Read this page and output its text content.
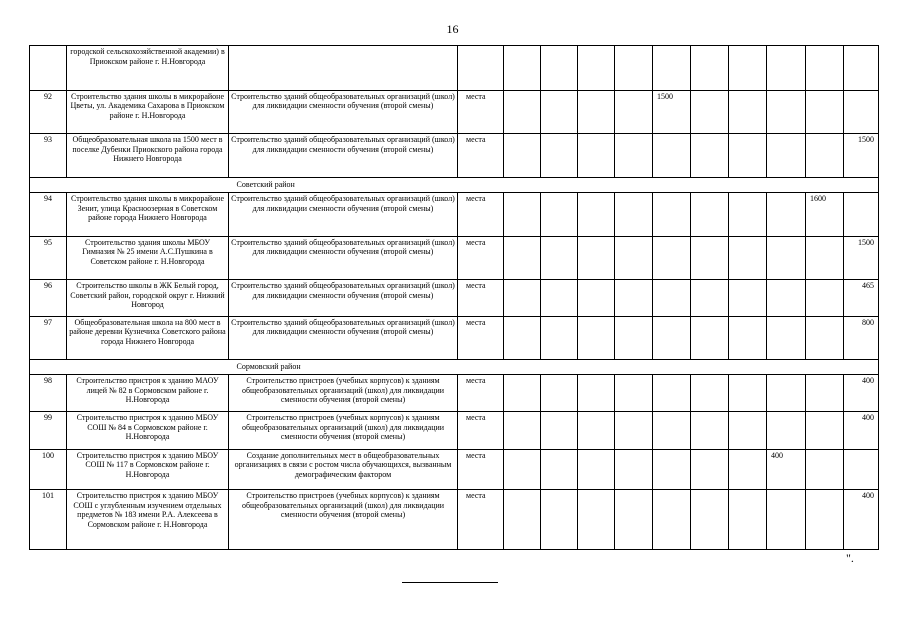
16
	городской сельскохозяйственной академии) в Приокском районе г. Н.Новгорода												
92	Строительство здания школы в микрорайоне Цветы, ул. Академика Сахарова в Приокском районе г. Н.Новгорода	Строительство зданий общеобразовательных организаций (школ) для ликвидации сменности обучения (второй смены)	места					1500					
93	Общеобразовательная школа на 1500 мест в поселке Дубенки Приокского района города Нижнего Новгорода	Строительство зданий общеобразовательных организаций (школ) для ликвидации сменности обучения (второй смены)	места										1500
	Советский район												
94	Строительство здания школы в микрорайоне Зенит, улица Красноозерная в Советском районе города Нижнего Новгорода	Строительство зданий общеобразовательных организаций (школ) для ликвидации сменности обучения (второй смены)	места									1600	
95	Строительство здания школы МБОУ Гимназия № 25 имени А.С.Пушкина в Советском районе г. Н.Новгорода	Строительство зданий общеобразовательных организаций (школ) для ликвидации сменности обучения (второй смены)	места										1500
96	Строительство школы в ЖК Белый город, Советский район, городской округ г. Нижний Новгород	Строительство зданий общеобразовательных организаций (школ) для ликвидации сменности обучения (второй смены)	места										465
97	Общеобразовательная школа на 800 мест в районе деревни Кузнечиха Советского района города Нижнего Новгорода	Строительство зданий общеобразовательных организаций (школ) для ликвидации сменности обучения (второй смены)	места										800
	Сормовский район												
98	Строительство пристроя к зданию МАОУ лицей № 82 в Сормовском районе г. Н.Новгорода	Строительство пристроев (учебных корпусов) к зданиям общеобразовательных организаций (школ) для ликвидации сменности обучения (второй смены)	места										400
99	Строительство пристроя к зданию МБОУ СОШ № 84 в Сормовском районе г. Н.Новгорода	Строительство пристроев (учебных корпусов) к зданиям общеобразовательных организаций (школ) для ликвидации сменности обучения (второй смены)	места										400
100	Строительство пристроя к зданию МБОУ СОШ № 117 в Сормовском районе г. Н.Новгорода	Создание дополнительных мест в общеобразовательных организациях в связи с ростом числа обучающихся, вызванным демографическим фактором	места								400		
101	Строительство пристроя к зданию МБОУ СОШ с углубленным изучением отдельных предметов № 183 имени Р.А. Алексеева в Сормовском районе г. Н.Новгорода	Строительство пристроев (учебных корпусов) к зданиям общеобразовательных организаций (школ) для ликвидации сменности обучения (второй смены)	места										400
".
